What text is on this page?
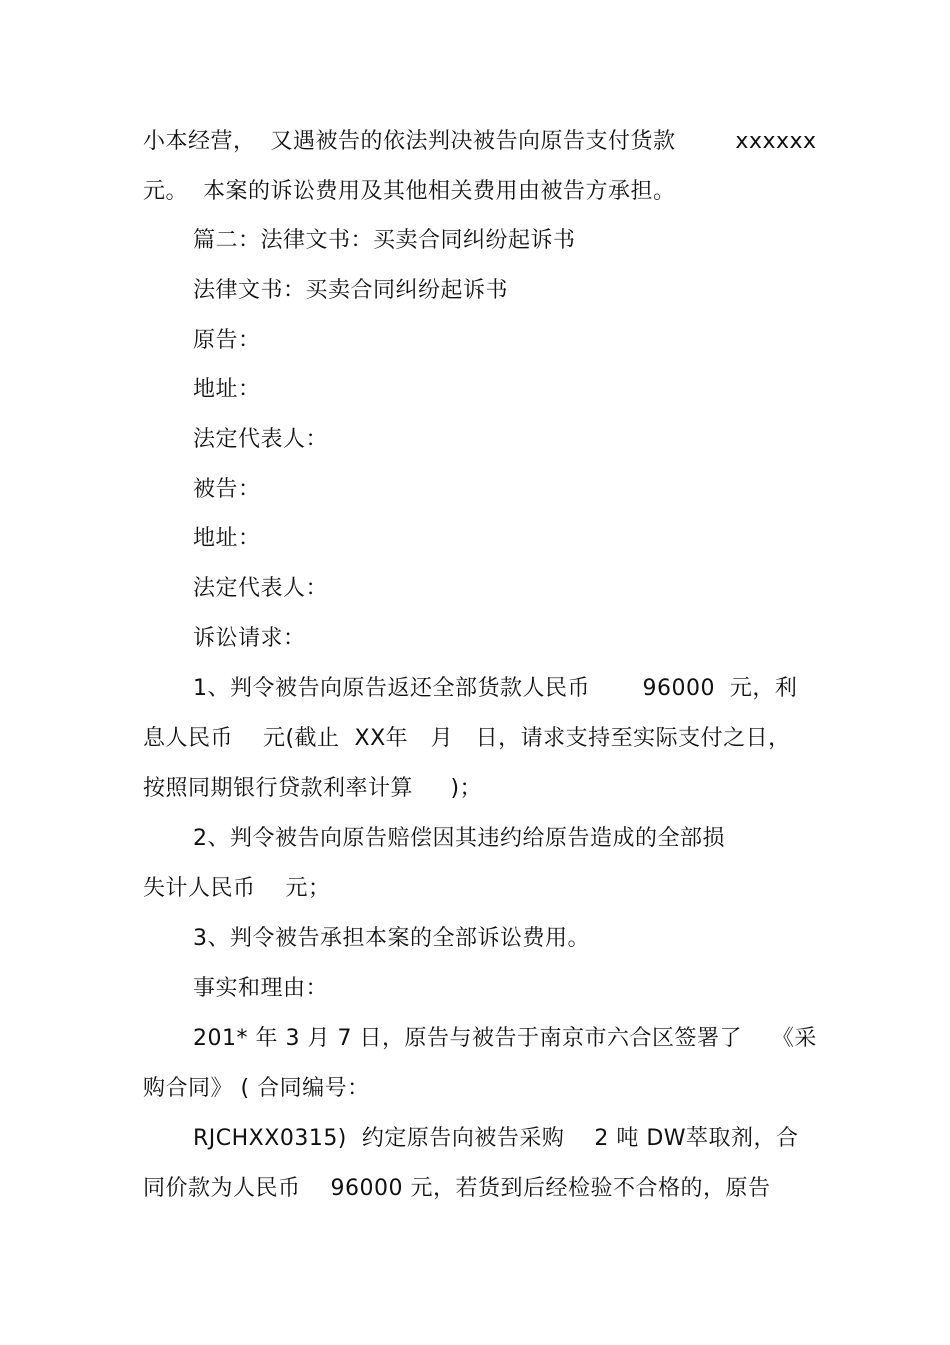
小本经营，  又遇被告的依法判决被告向原告支付货款        xxxxxx
元。  本案的诉讼费用及其他相关费用由被告方承担。
篇二：法律文书：买卖合同纠纷起诉书
法律文书：买卖合同纠纷起诉书
原告：
地址：
法定代表人：
被告：
地址：
法定代表人：
诉讼请求：
1、判令被告向原告返还全部货款人民币       96000  元，利
息人民币    元(截止  XX年   月   日，请求支持至实际支付之日，
按照同期银行贷款利率计算     )；
2、判令被告向原告赔偿因其违约给原告造成的全部损
失计人民币    元；
3、判令被告承担本案的全部诉讼费用。
事实和理由：
201* 年 3 月 7 日，原告与被告于南京市六合区签署了    《采
购合同》 ( 合同编号：
RJCHXX0315)  约定原告向被告采购    2 吨 DW萃取剂，合
同价款为人民币    96000 元，若货到后经检验不合格的，原告
